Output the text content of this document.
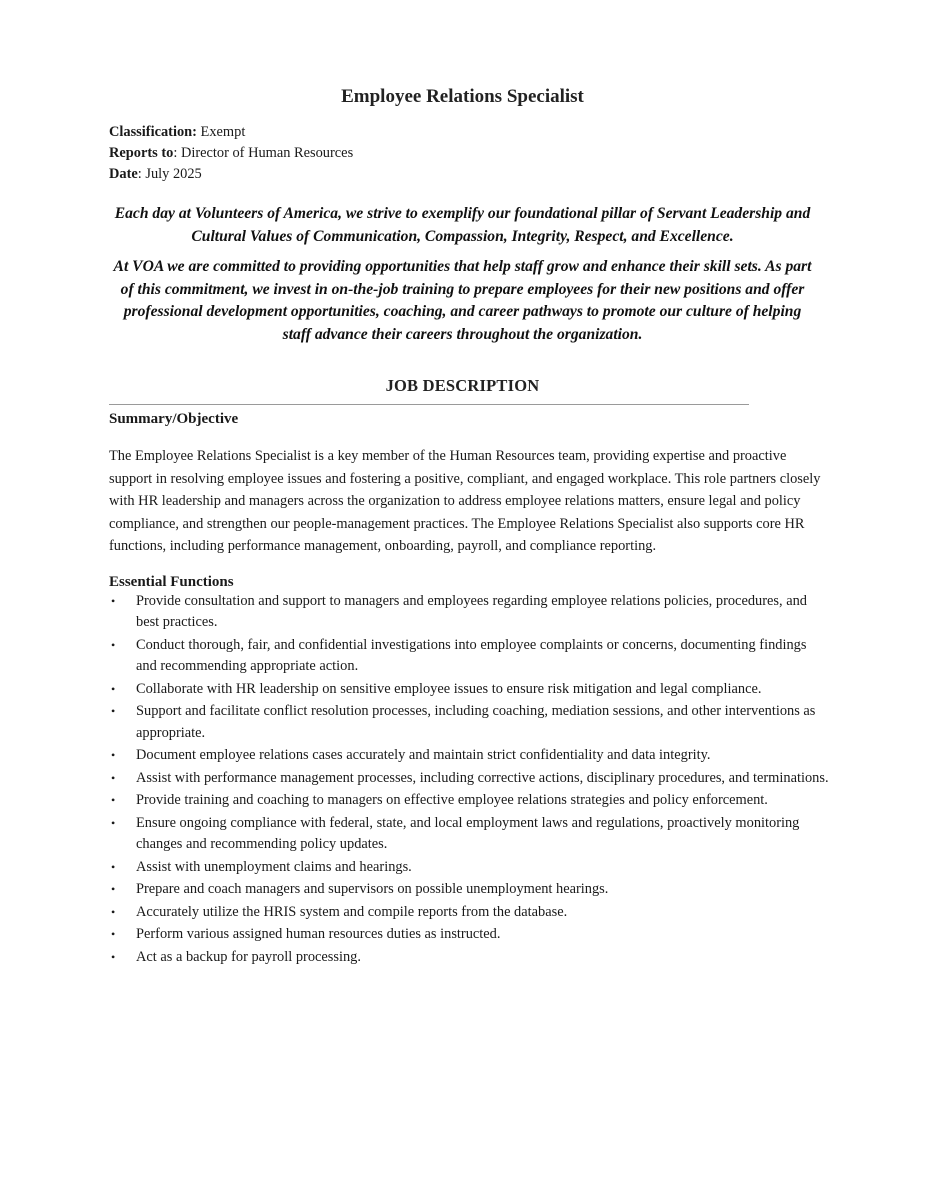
Employee Relations Specialist

Classification: Exempt

Reports to: Director of Human Resources

Date: July 2025

Each day at Volunteers of America, we strive to exemplify our foundational pillar of Servant Leadership and Cultural Values of Communication, Compassion, Integrity, Respect, and Excellence.

At VOA we are committed to providing opportunities that help staff grow and enhance their skill sets. As part of this commitment, we invest in on-the-job training to prepare employees for their new positions and offer professional development opportunities, coaching, and career pathways to promote our culture of helping staff advance their careers throughout the organization.

JOB DESCRIPTION
Summary/Objective

The Employee Relations Specialist is a key member of the Human Resources team, providing expertise and proactive support in resolving employee issues and fostering a positive, compliant, and engaged workplace. This role partners closely with HR leadership and managers across the organization to address employee relations matters, ensure legal and policy compliance, and strengthen our people-management practices. The Employee Relations Specialist also supports core HR functions, including performance management, onboarding, payroll, and compliance reporting.

Essential Functions
• Provide consultation and support to managers and employees regarding employee relations policies, procedures, and best practices.
• Conduct thorough, fair, and confidential investigations into employee complaints or concerns, documenting findings and recommending appropriate action.
• Collaborate with HR leadership on sensitive employee issues to ensure risk mitigation and legal compliance.
• Support and facilitate conflict resolution processes, including coaching, mediation sessions, and other interventions as appropriate.
• Document employee relations cases accurately and maintain strict confidentiality and data integrity.
• Assist with performance management processes, including corrective actions, disciplinary procedures, and terminations.
• Provide training and coaching to managers on effective employee relations strategies and policy enforcement.
• Ensure ongoing compliance with federal, state, and local employment laws and regulations, proactively monitoring changes and recommending policy updates.
• Assist with unemployment claims and hearings.
• Prepare and coach managers and supervisors on possible unemployment hearings.
• Accurately utilize the HRIS system and compile reports from the database.
• Perform various assigned human resources duties as instructed.
• Act as a backup for payroll processing.
